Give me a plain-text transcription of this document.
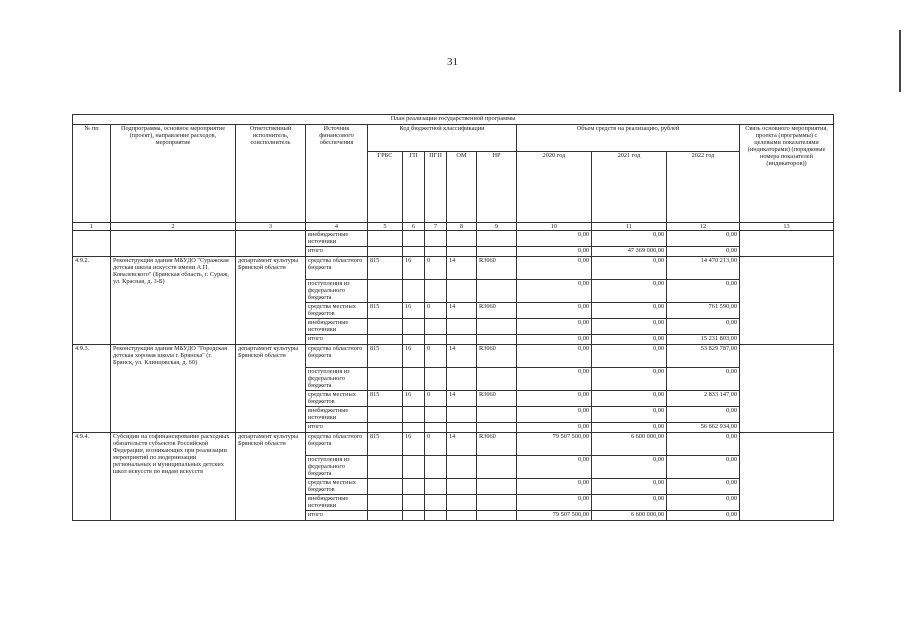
31
План реализации государственной программы												
№ пп	Подпрограмма, основное мероприятие (проект), направление расходов, мероприятие	Ответственный исполнитель, соисполнитель	Источник финансового обеспечения	Код бюджетной классификации					Объем средств на реализацию, рублей			Связь основного мероприятия, проекта (программы) с целевыми показателями (индикаторами) (порядковые номера показателей (индикаторов))
				ГРБС	ГП	ПГП	ОМ	НР	2020 год	2021 год	2022 год	
1	2	3	4	5	6	7	8	9	10	11	12	13
			внебюджетные источники						0,00	0,00	0,00	
			итого						0,00	47 369 000,00	0,00	
4.9.2.	Реконструкция здания МБУДО "Суражская детская школа искусств имени А.П. Ковалевского" (Брянская область, г. Сураж, ул. Красная, д. 3-Б)	департамент культуры Брянской области	средства областного бюджета	815	16	0	14	R3060	0,00	0,00	14 470 213,00	
			поступления из федерального бюджета						0,00	0,00	0,00	
			средства местных бюджетов	815	16	0	14	R3060	0,00	0,00	761 590,00	
			внебюджетные источники						0,00	0,00	0,00	
			итого						0,00	0,00	15 231 803,00	
4.9.3.	Реконструкция здания МБУДО "Городская детская хоровая школа г. Брянска" (г. Брянск, ул. Клинцовская, д. 60)	департамент культуры Брянской области	средства областного бюджета	815	16	0	14	R3060	0,00	0,00	53 829 787,00	
			поступления из федерального бюджета						0,00	0,00	0,00	
			средства местных бюджетов	815	16	0	14	R3060	0,00	0,00	2 833 147,00	
			внебюджетные источники						0,00	0,00	0,00	
			итого						0,00	0,00	56 662 934,00	
4.9.4.	Субсидии на софинансирование расходных обязательств субъектов Российской Федерации, возникающих при реализации мероприятий по модернизации региональных и муниципальных детских школ искусств по видам искусств	департамент культуры Брянской области	средства областного бюджета	815	16	0	14	R3060	79 507 500,00	6 600 000,00	0,00	
			поступления из федерального бюджета						0,00	0,00	0,00	
			средства местных бюджетов						0,00	0,00	0,00	
			внебюджетные источники						0,00	0,00	0,00	
			итого						79 507 500,00	6 600 000,00	0,00	
